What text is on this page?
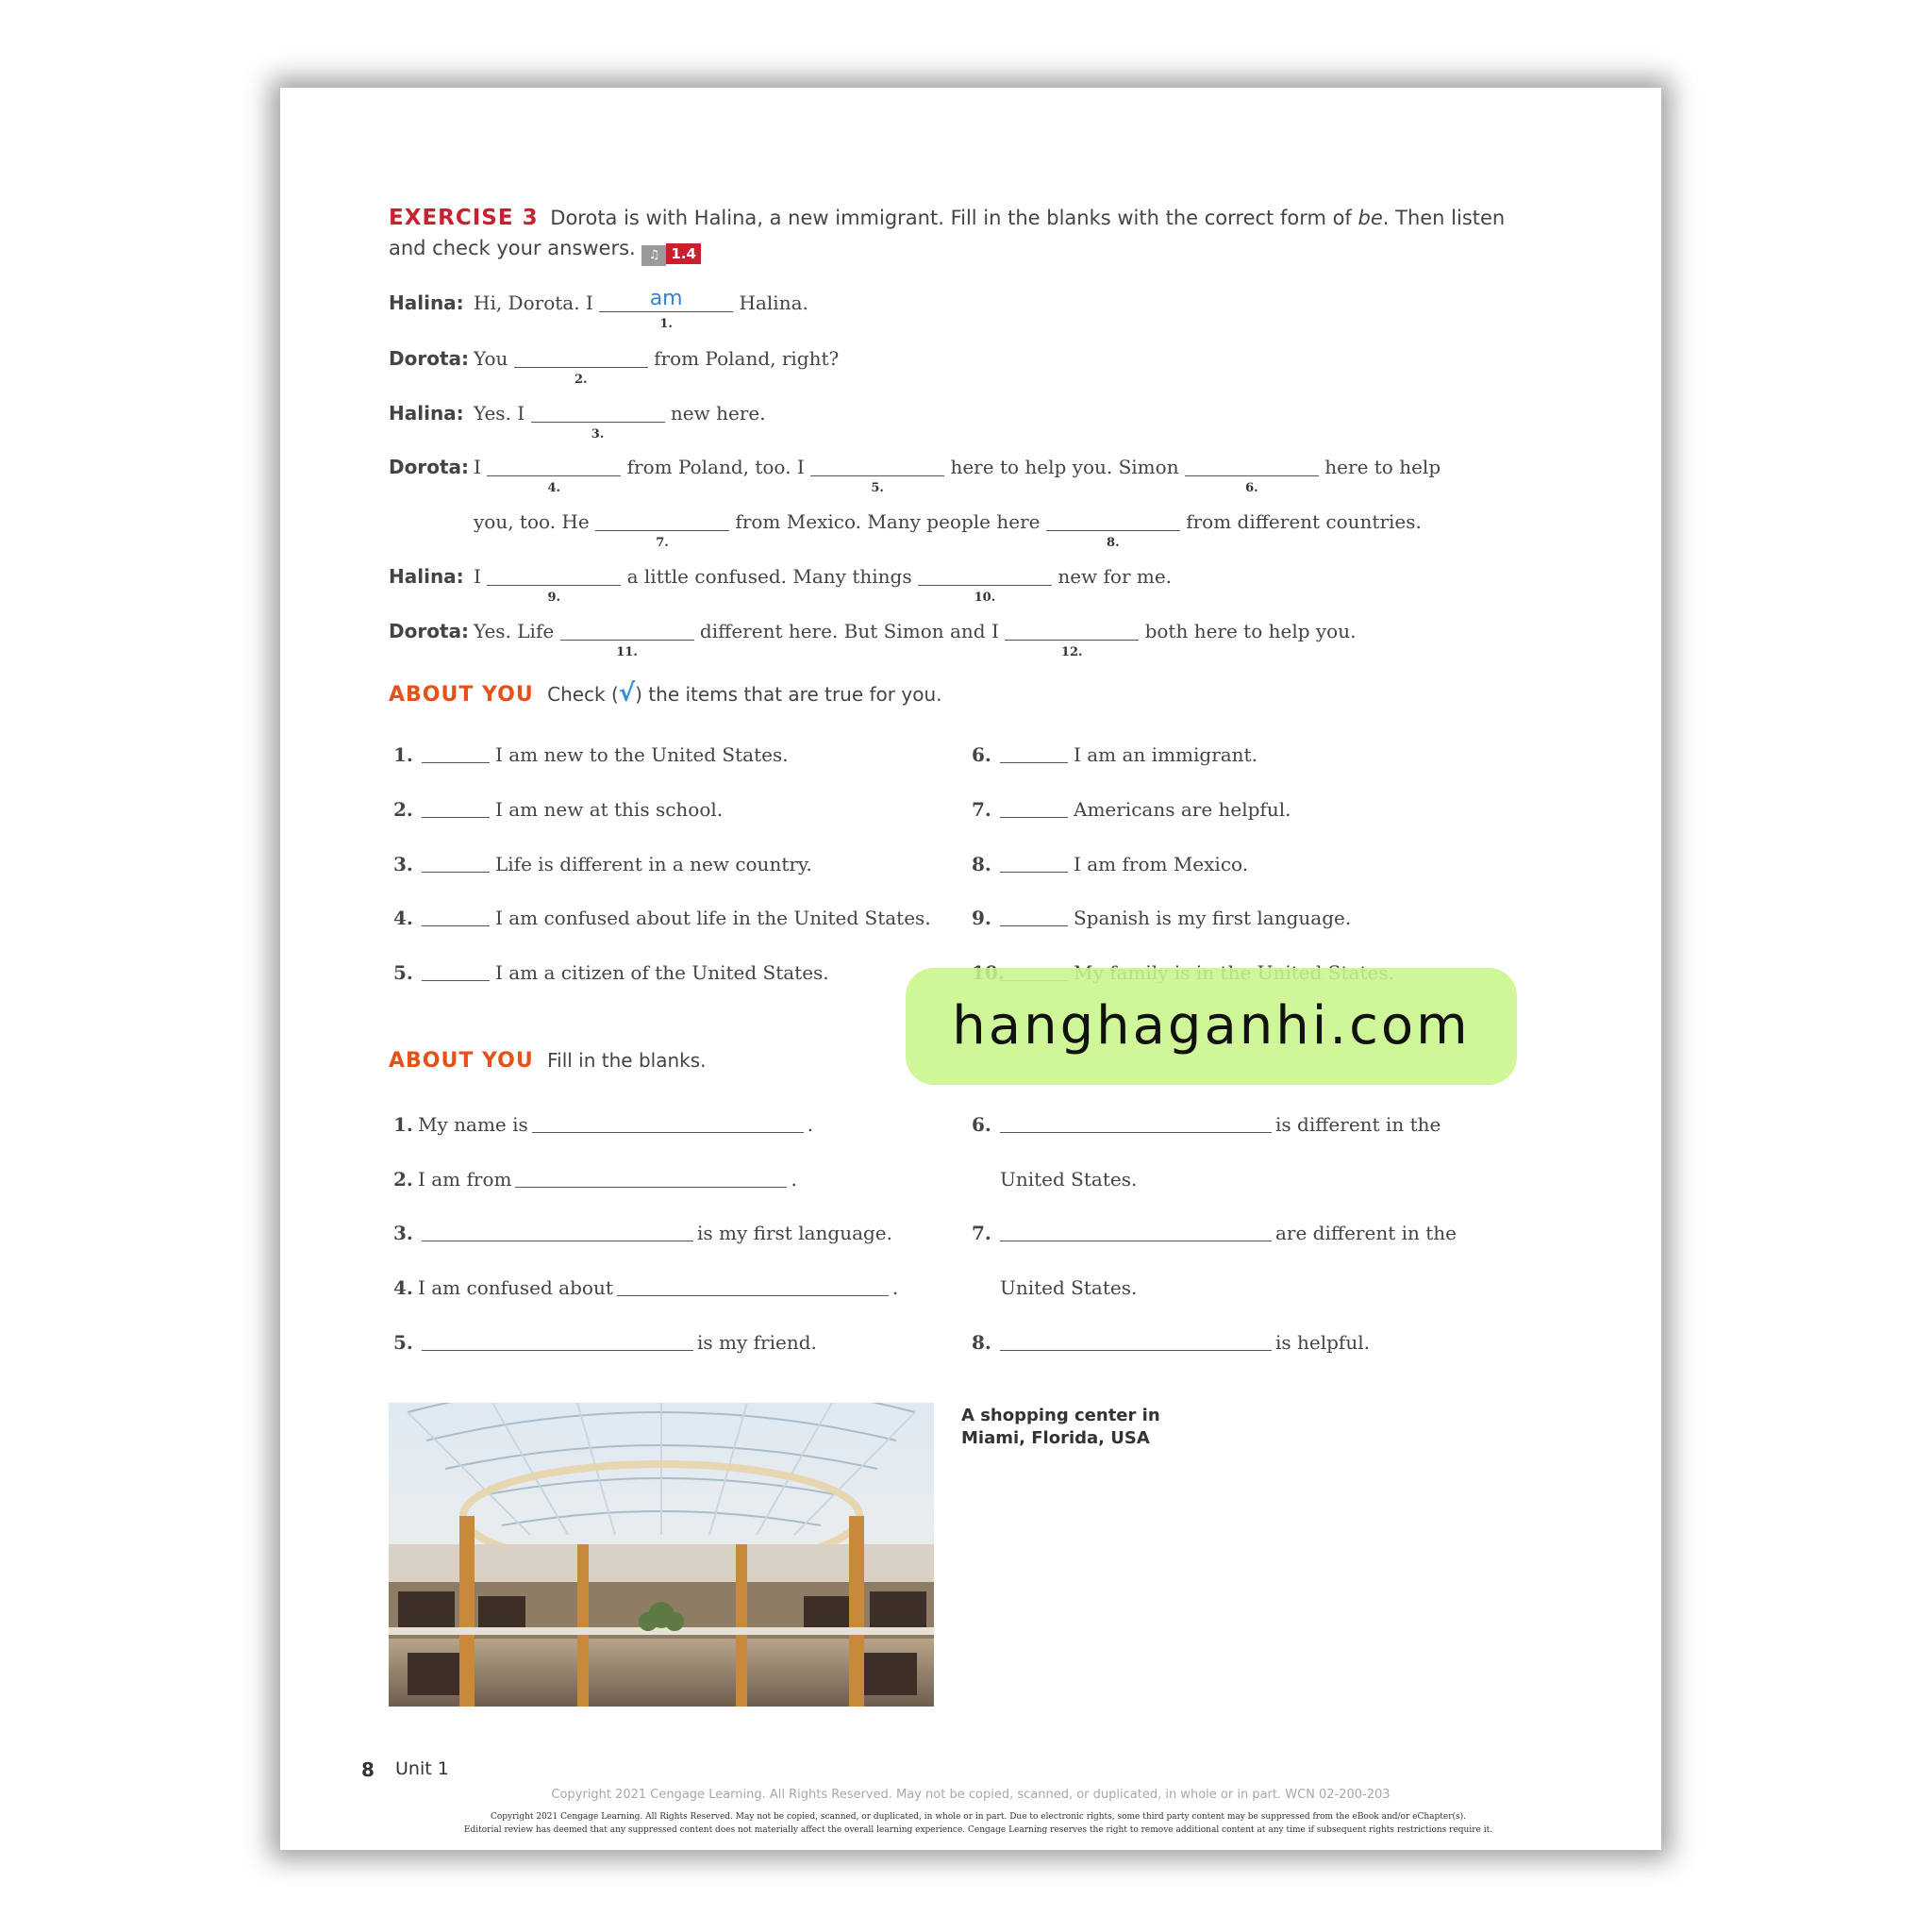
EXERCISE 3 Dorota is with Halina, a new immigrant. Fill in the blanks with the correct form of be. Then listen and check your answers. ♫ 1.4
Halina: Hi, Dorota. I	am
1.
Halina.
Dorota: You
2.
from Poland, right?
Halina: Yes. I
3.
new here.
Dorota: I
4.
from Poland, too. I
5.
here to help you. Simon
6.
here to help
you, too. He
7.
from Mexico. Many people here
8.
from different countries.
Halina: I
9.
a little confused. Many things
10.
new for me.
Dorota: Yes. Life
11.
different here. But Simon and I
12.
both here to help you.
ABOUT YOU Check (√) the items that are true for you.
1.	I am new to the United States.
2.	I am new at this school.
3.	Life is different in a new country.
4.	I am confused about life in the United States.
5.	I am a citizen of the United States.
6.	I am an immigrant.
7.	Americans are helpful.
8.	I am from Mexico.
9.	Spanish is my first language.
hanghaganhi.com
ABOUT YOU Fill in the blanks.
1. My name is	.
2. I am from	.
3.	is my first language.
4. I am confused about	.
5.	is my friend.
6.	is different in the
United States.
7.	are different in the
United States.
8.	is helpful.
A shopping center in
Miami, Florida, USA
8 Unit 1
Copyright 2021 Cengage Learning. All Rights Reserved. May not be copied, scanned, or duplicated, in whole or in part. WCN 02-200-203
Copyright 2021 Cengage Learning. All Rights Reserved. May not be copied, scanned, or duplicated, in whole or in part. Due to electronic rights, some third party content may be suppressed from the eBook and/or eChapter(s).
Editorial review has deemed that any suppressed content does not materially affect the overall learning experience. Cengage Learning reserves the right to remove additional content at any time if subsequent rights restrictions require it.
